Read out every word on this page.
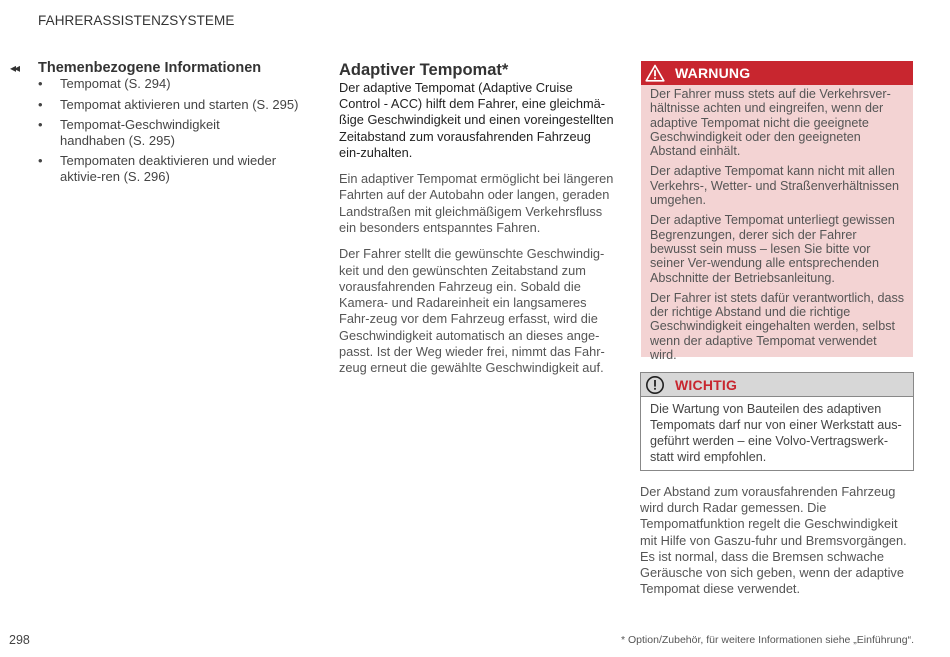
FAHRERASSISTENZSYSTEME
◂◂	Themenbezogene Informationen
• Tempomat (S. 294)
• Tempomat aktivieren und starten (S. 295)
• Tempomat-Geschwindigkeit handhaben (S. 295)
• Tempomaten deaktivieren und wieder aktivie-ren (S. 296)
Adaptiver Tempomat*

Der adaptive Tempomat (Adaptive Cruise Control - ACC) hilft dem Fahrer, eine gleichmä-ßige Geschwindigkeit und einen voreingestellten Zeitabstand zum vorausfahrenden Fahrzeug ein-zuhalten.

Ein adaptiver Tempomat ermöglicht bei längeren Fahrten auf der Autobahn oder langen, geraden Landstraßen mit gleichmäßigem Verkehrsfluss ein besonders entspanntes Fahren.

Der Fahrer stellt die gewünschte Geschwindig-keit und den gewünschten Zeitabstand zum vorausfahrenden Fahrzeug ein. Sobald die Kamera- und Radareinheit ein langsameres Fahr-zeug vor dem Fahrzeug erfasst, wird die Geschwindigkeit automatisch an dieses ange-passt. Ist der Weg wieder frei, nimmt das Fahr-zeug erneut die gewählte Geschwindigkeit auf.

WARNUNG

Der Fahrer muss stets auf die Verkehrsver-hältnisse achten und eingreifen, wenn der adaptive Tempomat nicht die geeignete Geschwindigkeit oder den geeigneten Abstand einhält.

Der adaptive Tempomat kann nicht mit allen Verkehrs-, Wetter- und Straßenverhältnissen umgehen.

Der adaptive Tempomat unterliegt gewissen Begrenzungen, derer sich der Fahrer bewusst sein muss – lesen Sie bitte vor seiner Ver-wendung alle entsprechenden Abschnitte der Betriebsanleitung.

Der Fahrer ist stets dafür verantwortlich, dass der richtige Abstand und die richtige Geschwindigkeit eingehalten werden, selbst wenn der adaptive Tempomat verwendet wird.

WICHTIG

Die Wartung von Bauteilen des adaptiven Tempomats darf nur von einer Werkstatt aus-geführt werden – eine Volvo-Vertragswerk-statt wird empfohlen.

Der Abstand zum vorausfahrenden Fahrzeug wird durch Radar gemessen. Die Tempomatfunktion regelt die Geschwindigkeit mit Hilfe von Gaszu-fuhr und Bremsvorgängen. Es ist normal, dass die Bremsen schwache Geräusche von sich geben, wenn der adaptive Tempomat diese verwendet.

298	* Option/Zubehör, für weitere Informationen siehe „Einführung“.
